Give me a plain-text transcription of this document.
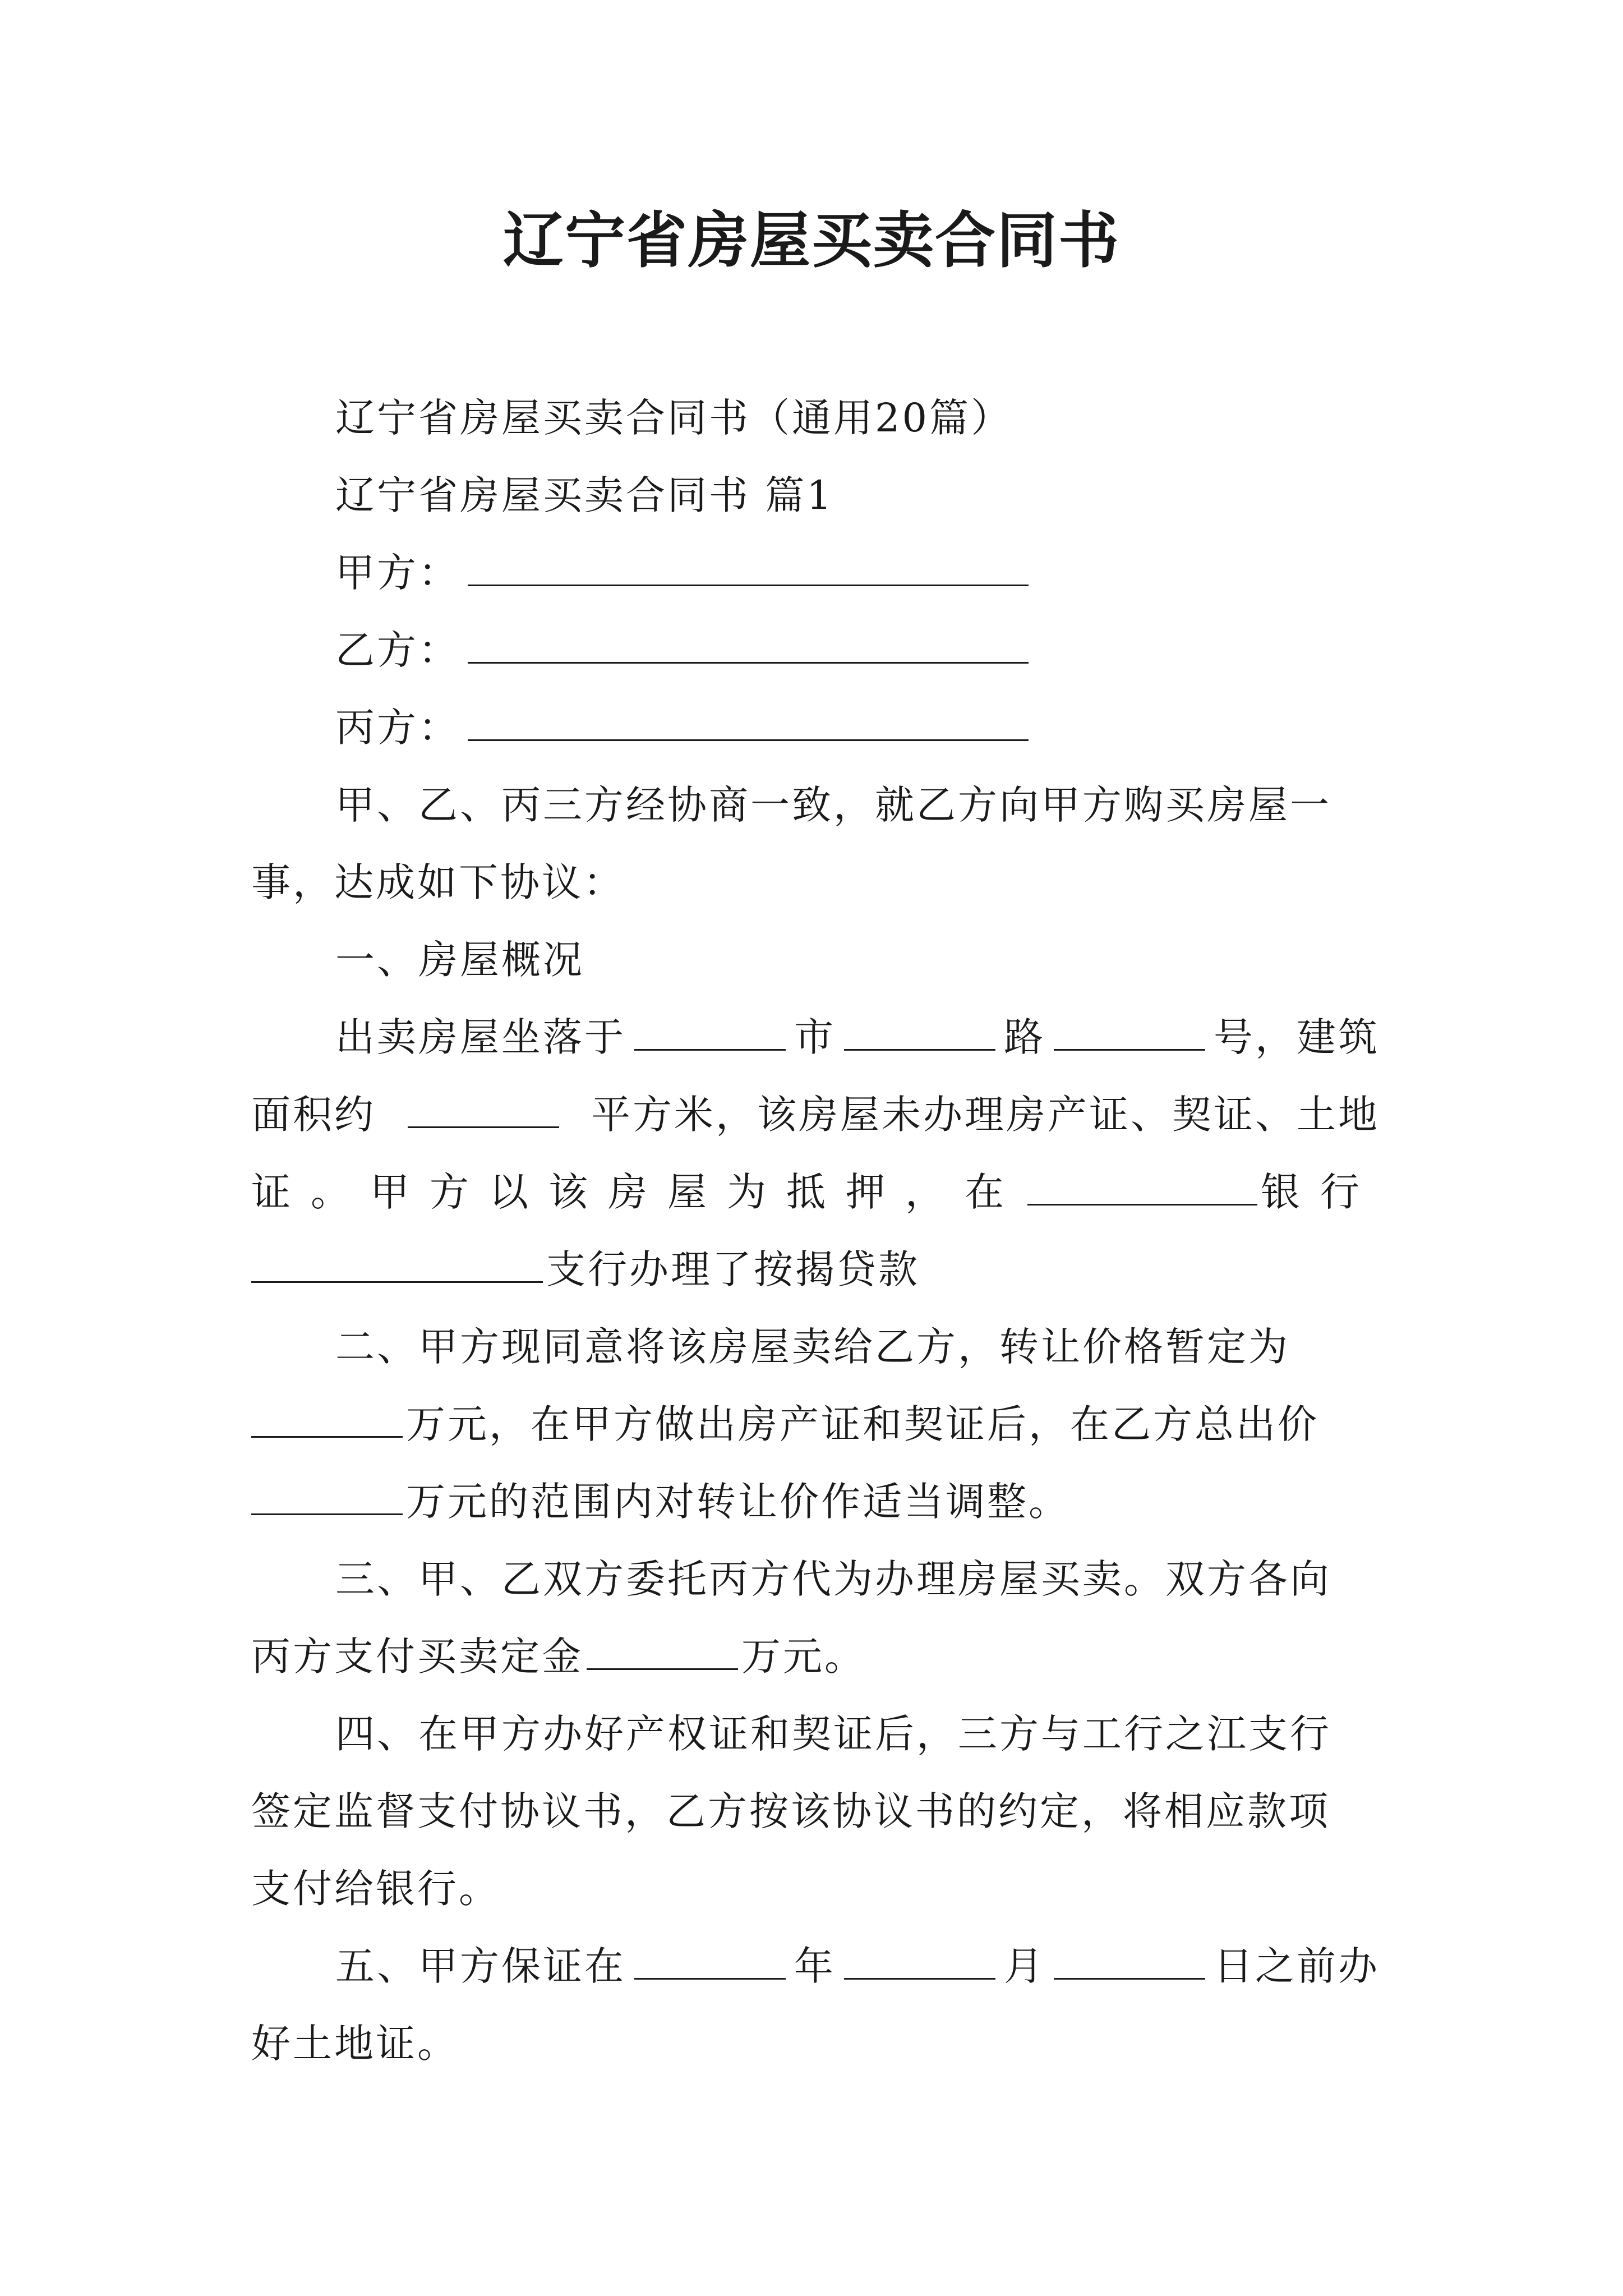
辽宁省房屋买卖合同书

辽宁省房屋买卖合同书（通用20篇）

辽宁省房屋买卖合同书 篇1

甲方：

乙方：

丙方：

甲、乙、丙三方经协商一致，就乙方向甲方购买房屋一

事，达成如下协议：

一、房屋概况

出卖房屋坐落于	市	路	号，建筑
面积约	平方米，该房屋未办理房产证、契证、土地
证。甲方以该房屋为抵押，在	银行

支行办理了按揭贷款

二、甲方现同意将该房屋卖给乙方，转让价格暂定为

万元，在甲方做出房产证和契证后，在乙方总出价

万元的范围内对转让价作适当调整。

三、甲、乙双方委托丙方代为办理房屋买卖。双方各向

丙方支付买卖定金	万元。

四、在甲方办好产权证和契证后，三方与工行之江支行

签定监督支付协议书，乙方按该协议书的约定，将相应款项

支付给银行。

五、甲方保证在	年	月	日之前办

好土地证。
